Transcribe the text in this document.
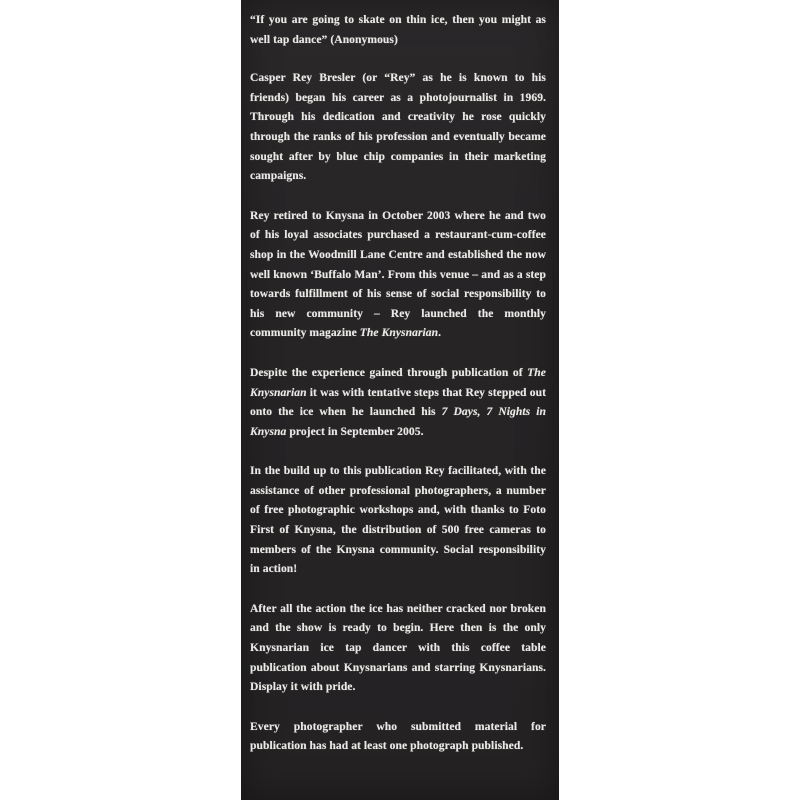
“If you are going to skate on thin ice, then you might as well tap dance” (Anonymous)

Casper Rey Bresler (or “Rey” as he is known to his friends) began his career as a photojournalist in 1969. Through his dedication and creativity he rose quickly through the ranks of his profession and eventually became sought after by blue chip companies in their marketing campaigns.

Rey retired to Knysna in October 2003 where he and two of his loyal associates purchased a restaurant-cum-coffee shop in the Woodmill Lane Centre and established the now well known ‘Buffalo Man’. From this venue – and as a step towards fulfillment of his sense of social responsibility to his new community – Rey launched the monthly community magazine The Knysnarian.

Despite the experience gained through publication of The Knysnarian it was with tentative steps that Rey stepped out onto the ice when he launched his 7 Days, 7 Nights in Knysna project in September 2005.

In the build up to this publication Rey facilitated, with the assistance of other professional photographers, a number of free photographic workshops and, with thanks to Foto First of Knysna, the distribution of 500 free cameras to members of the Knysna community. Social responsibility in action!

After all the action the ice has neither cracked nor broken and the show is ready to begin. Here then is the only Knysnarian ice tap dancer with this coffee table publication about Knysnarians and starring Knysnarians. Display it with pride.

Every photographer who submitted material for publication has had at least one photograph published.
